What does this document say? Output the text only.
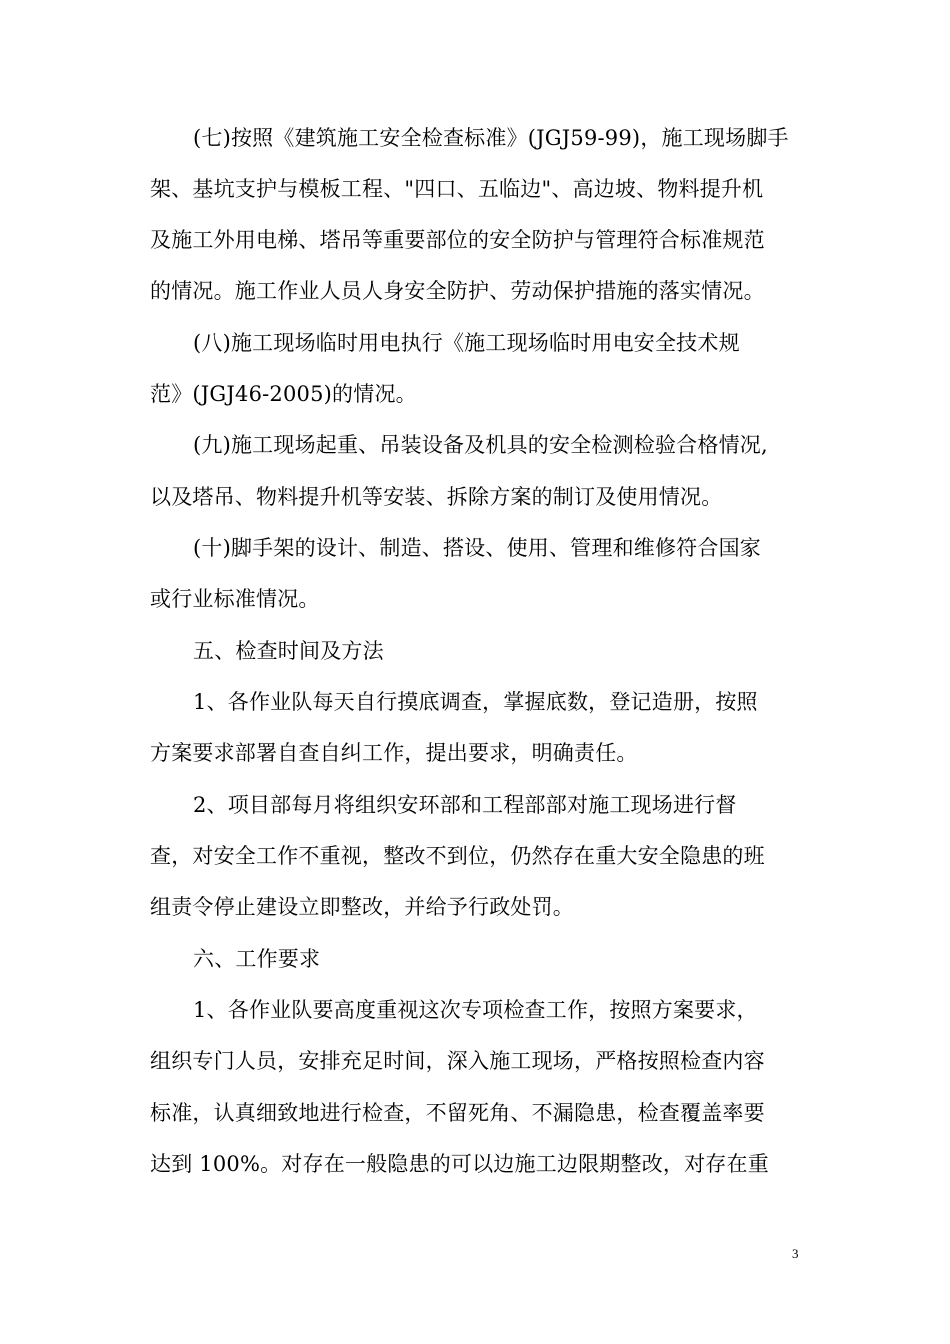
(七)按照《建筑施工安全检查标准》(JGJ59-99)，施工现场脚手
架、基坑支护与模板工程、"四口、五临边"、高边坡、物料提升机
及施工外用电梯、塔吊等重要部位的安全防护与管理符合标准规范
的情况。施工作业人员人身安全防护、劳动保护措施的落实情况。
(八)施工现场临时用电执行《施工现场临时用电安全技术规
范》(JGJ46-2005)的情况。
(九)施工现场起重、吊装设备及机具的安全检测检验合格情况,
以及塔吊、物料提升机等安装、拆除方案的制订及使用情况。
(十)脚手架的设计、制造、搭设、使用、管理和维修符合国家
或行业标准情况。
五、检查时间及方法
1、各作业队每天自行摸底调查，掌握底数，登记造册，按照
方案要求部署自查自纠工作，提出要求，明确责任。
2、项目部每月将组织安环部和工程部部对施工现场进行督
查，对安全工作不重视，整改不到位，仍然存在重大安全隐患的班
组责令停止建设立即整改，并给予行政处罚。
六、工作要求
1、各作业队要高度重视这次专项检查工作，按照方案要求，
组织专门人员，安排充足时间，深入施工现场，严格按照检查内容
标准，认真细致地进行检查，不留死角、不漏隐患，检查覆盖率要
达到 100%。对存在一般隐患的可以边施工边限期整改，对存在重
3
